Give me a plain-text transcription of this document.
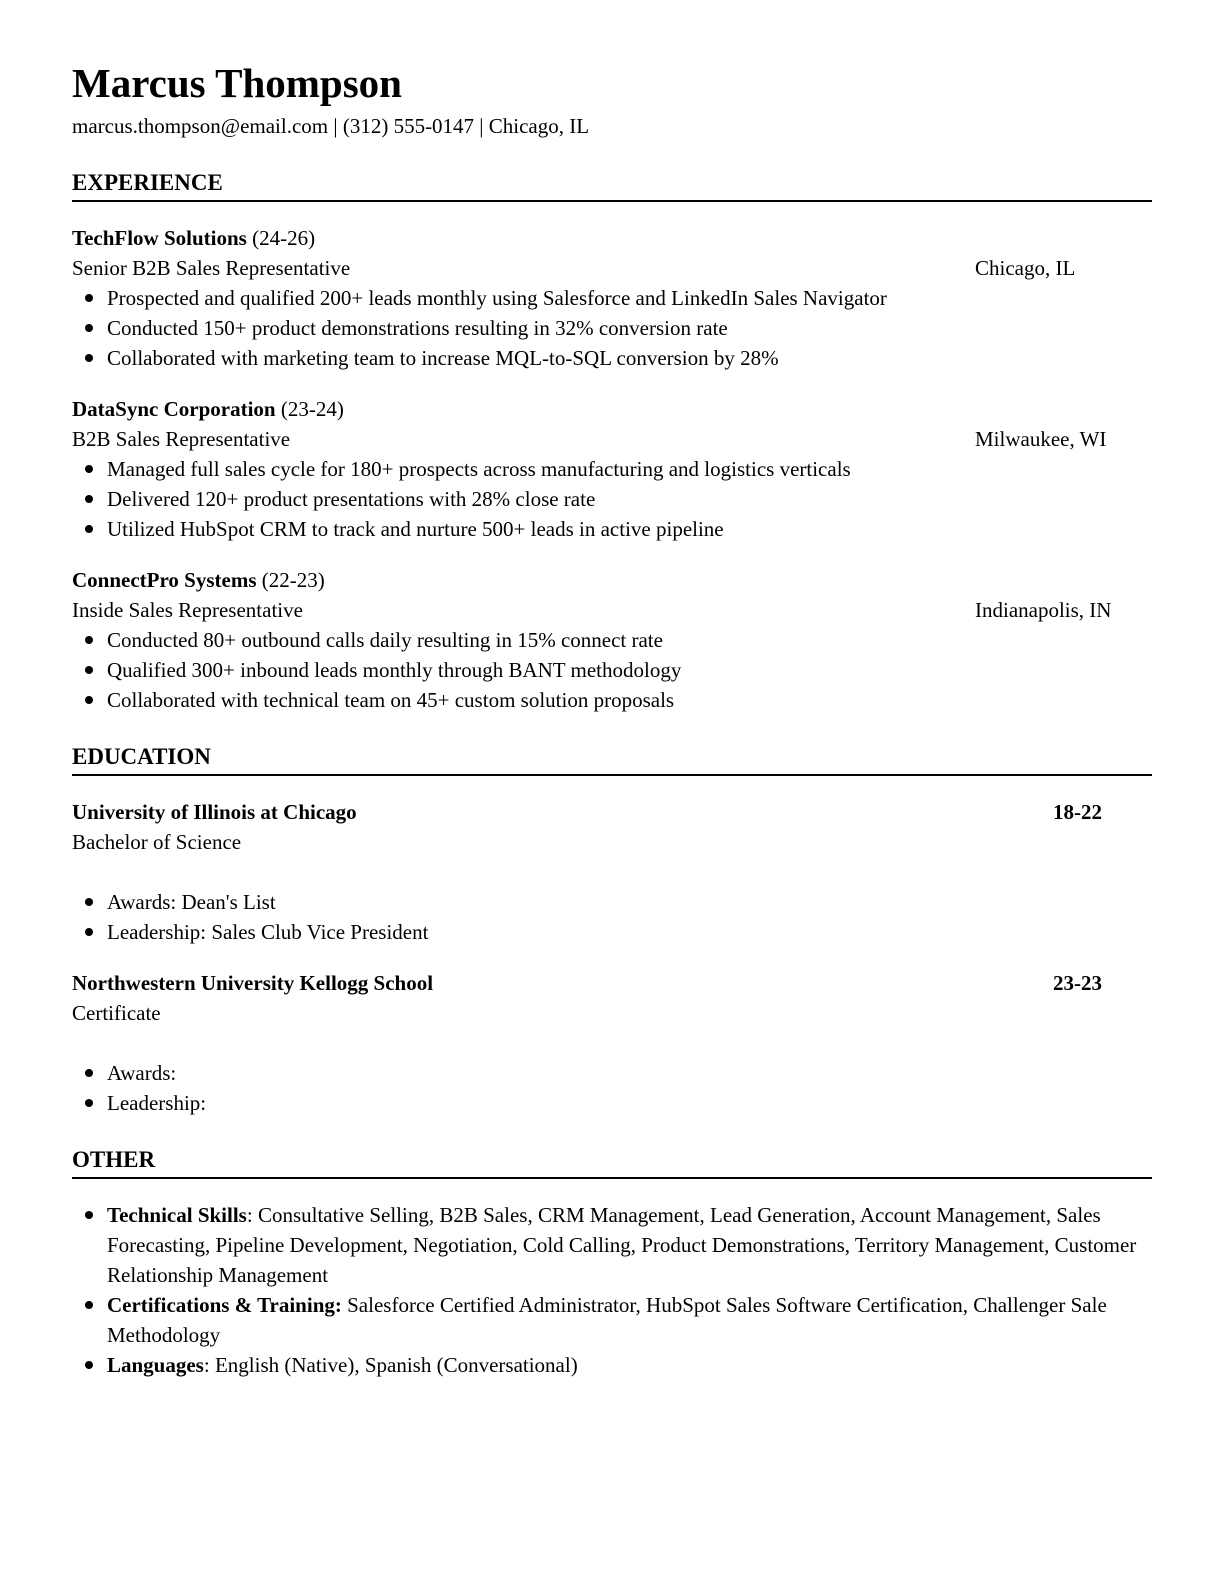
Marcus Thompson
marcus.thompson@email.com | (312) 555-0147 | Chicago, IL
EXPERIENCE
TechFlow Solutions (24-26)
Senior B2B Sales Representative	Chicago, IL
Prospected and qualified 200+ leads monthly using Salesforce and LinkedIn Sales Navigator
Conducted 150+ product demonstrations resulting in 32% conversion rate
Collaborated with marketing team to increase MQL-to-SQL conversion by 28%
DataSync Corporation (23-24)
B2B Sales Representative	Milwaukee, WI
Managed full sales cycle for 180+ prospects across manufacturing and logistics verticals
Delivered 120+ product presentations with 28% close rate
Utilized HubSpot CRM to track and nurture 500+ leads in active pipeline
ConnectPro Systems (22-23)
Inside Sales Representative	Indianapolis, IN
Conducted 80+ outbound calls daily resulting in 15% connect rate
Qualified 300+ inbound leads monthly through BANT methodology
Collaborated with technical team on 45+ custom solution proposals
EDUCATION
University of Illinois at Chicago	18-22
Bachelor of Science
Awards: Dean's List
Leadership: Sales Club Vice President
Northwestern University Kellogg School	23-23
Certificate
Awards:
Leadership:
OTHER
Technical Skills: Consultative Selling, B2B Sales, CRM Management, Lead Generation, Account Management, Sales Forecasting, Pipeline Development, Negotiation, Cold Calling, Product Demonstrations, Territory Management, Customer Relationship Management
Certifications & Training: Salesforce Certified Administrator, HubSpot Sales Software Certification, Challenger Sale Methodology
Languages: English (Native), Spanish (Conversational)
